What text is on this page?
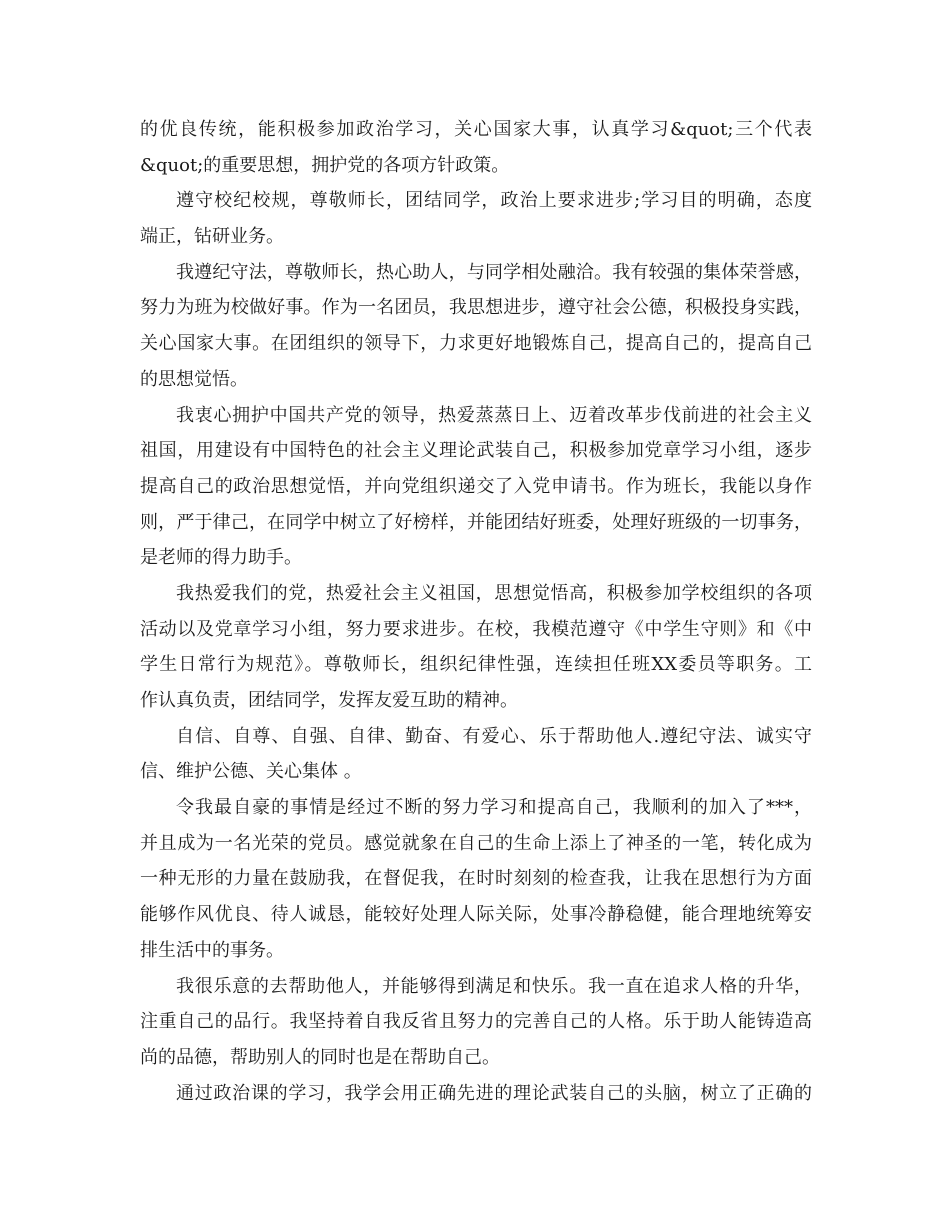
的优良传统，能积极参加政治学习，关心国家大事，认真学习&quot;三个代表
&quot;的重要思想，拥护党的各项方针政策。
遵守校纪校规，尊敬师长，团结同学，政治上要求进步;学习目的明确，态度
端正，钻研业务。
我遵纪守法，尊敬师长，热心助人，与同学相处融洽。我有较强的集体荣誉感，
努力为班为校做好事。作为一名团员，我思想进步，遵守社会公德，积极投身实践，
关心国家大事。在团组织的领导下，力求更好地锻炼自己，提高自己的，提高自己
的思想觉悟。
我衷心拥护中国共产党的领导，热爱蒸蒸日上、迈着改革步伐前进的社会主义
祖国，用建设有中国特色的社会主义理论武装自己，积极参加党章学习小组，逐步
提高自己的政治思想觉悟，并向党组织递交了入党申请书。作为班长，我能以身作
则，严于律己，在同学中树立了好榜样，并能团结好班委，处理好班级的一切事务，
是老师的得力助手。
我热爱我们的党，热爱社会主义祖国，思想觉悟高，积极参加学校组织的各项
活动以及党章学习小组，努力要求进步。在校，我模范遵守《中学生守则》和《中
学生日常行为规范》。尊敬师长，组织纪律性强，连续担任班XX委员等职务。工
作认真负责，团结同学，发挥友爱互助的精神。
自信、自尊、自强、自律、勤奋、有爱心、乐于帮助他人.遵纪守法、诚实守
信、维护公德、关心集体 。
令我最自豪的事情是经过不断的努力学习和提高自己，我顺利的加入了***，
并且成为一名光荣的党员。感觉就象在自己的生命上添上了神圣的一笔，转化成为
一种无形的力量在鼓励我，在督促我，在时时刻刻的检查我，让我在思想行为方面
能够作风优良、待人诚恳，能较好处理人际关际，处事冷静稳健，能合理地统筹安
排生活中的事务。
我很乐意的去帮助他人，并能够得到满足和快乐。我一直在追求人格的升华，
注重自己的品行。我坚持着自我反省且努力的完善自己的人格。乐于助人能铸造高
尚的品德，帮助别人的同时也是在帮助自己。
通过政治课的学习，我学会用正确先进的理论武装自己的头脑，树立了正确的
